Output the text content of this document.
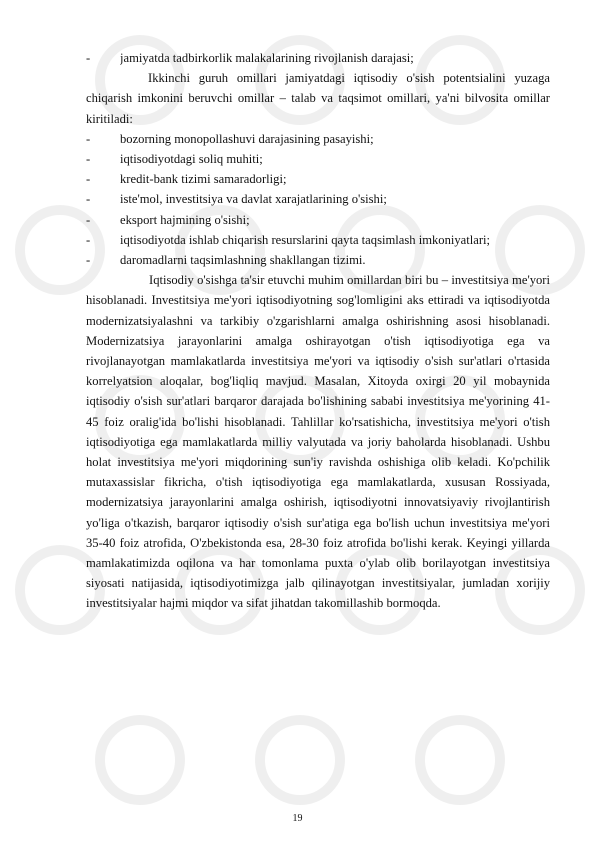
-	jamiyatda tadbirkorlik malakalarining rivojlanish darajasi;

Ikkinchi guruh omillari jamiyatdagi iqtisodiy o'sish potentsialini yuzaga chiqarish imkonini beruvchi omillar – talab va taqsimot omillari, ya'ni bilvosita omillar kiritiladi:

-	bozorning monopollashuvi darajasining pasayishi;
-	iqtisodiyotdagi soliq muhiti;
-	kredit-bank tizimi samaradorligi;
-	iste'mol, investitsiya va davlat xarajatlarining o'sishi;
-	eksport hajmining o'sishi;
-	iqtisodiyotda ishlab chiqarish resurslarini qayta taqsimlash imkoniyatlari;
-	daromadlarni taqsimlashning shakllangan tizimi.

Iqtisodiy o'sishga ta'sir etuvchi muhim omillardan biri bu – investitsiya me'yori hisoblanadi. Investitsiya me'yori iqtisodiyotning sog'lomligini aks ettiradi va iqtisodiyotda modernizatsiyalashni va tarkibiy o'zgarishlarni amalga oshirishning asosi hisoblanadi. Modernizatsiya jarayonlarini amalga oshirayotgan o'tish iqtisodiyotiga ega va rivojlanayotgan mamlakatlarda investitsiya me'yori va iqtisodiy o'sish sur'atlari o'rtasida korrelyatsion aloqalar, bog'liqliq mavjud. Masalan, Xitoyda oxirgi 20 yil mobaynida iqtisodiy o'sish sur'atlari barqaror darajada bo'lishining sababi investitsiya me'yorining 41-45 foiz oralig'ida bo'lishi hisoblanadi. Tahlillar ko'rsatishicha, investitsiya me'yori o'tish iqtisodiyotiga ega mamlakatlarda milliy valyutada va joriy baholarda hisoblanadi. Ushbu holat investitsiya me'yori miqdorining sun'iy ravishda oshishiga olib keladi. Ko'pchilik mutaxassislar fikricha, o'tish iqtisodiyotiga ega mamlakatlarda, xususan Rossiyada, modernizatsiya jarayonlarini amalga oshirish, iqtisodiyotni innovatsiyaviy rivojlantirish yo'liga o'tkazish, barqaror iqtisodiy o'sish sur'atiga ega bo'lish uchun investitsiya me'yori 35-40 foiz atrofida, O'zbekistonda esa, 28-30 foiz atrofida bo'lishi kerak. Keyingi yillarda mamlakatimizda oqilona va har tomonlama puxta o'ylab olib borilayotgan investitsiya siyosati natijasida, iqtisodiyotimizga jalb qilinayotgan investitsiyalar, jumladan xorijiy investitsiyalar hajmi miqdor va sifat jihatdan takomillashib bormoqda.

19
